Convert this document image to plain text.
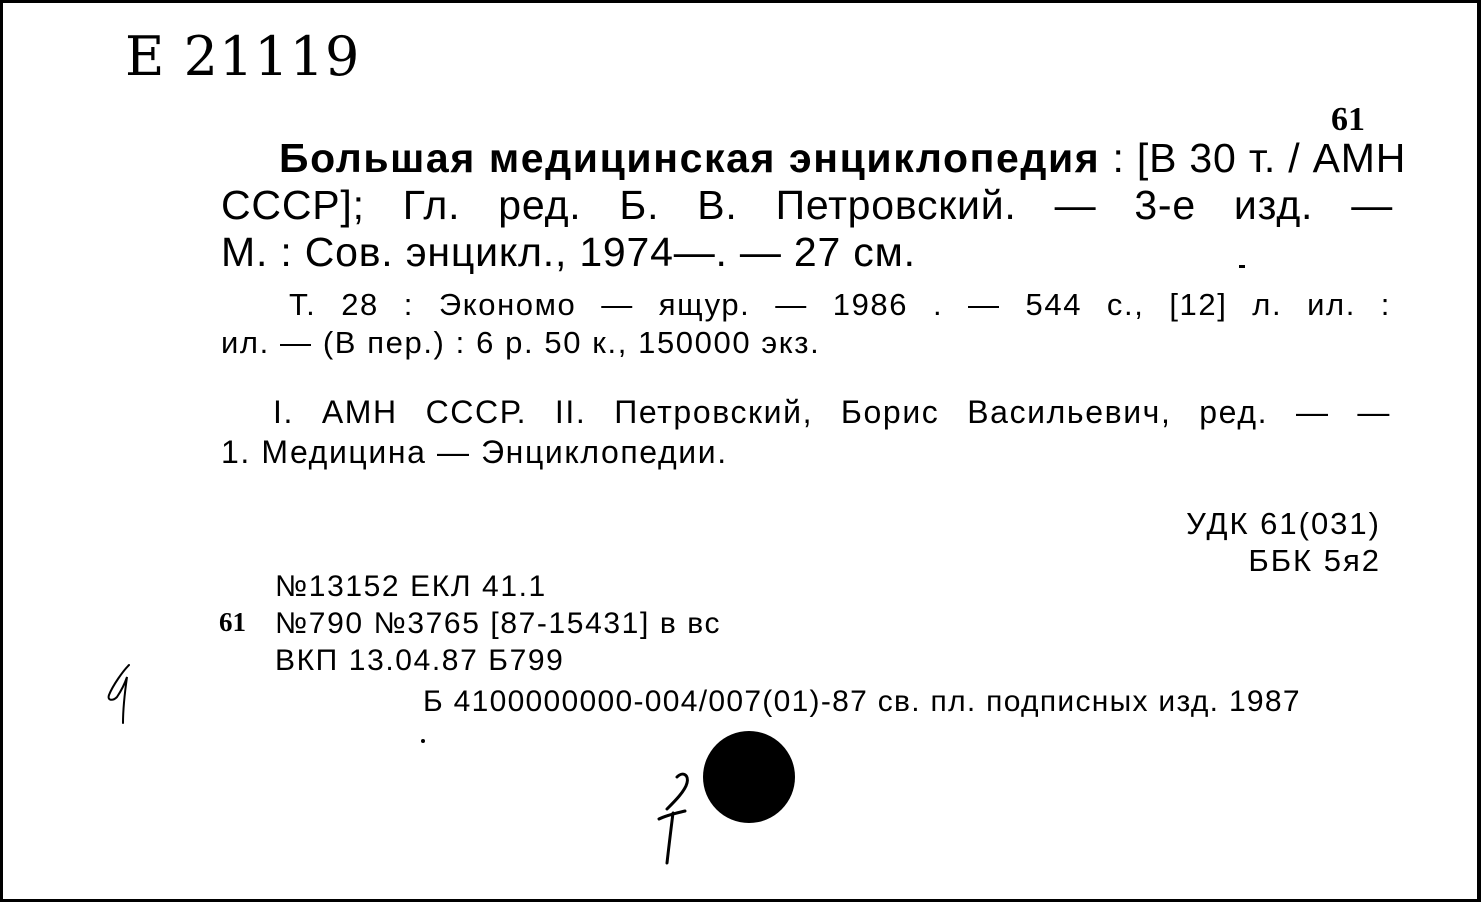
Е 21119
61
Большая медицинская энциклопедия : [В 30 т. / АМН
СССР]; Гл. ред. Б. В. Петровский. — 3-е изд. —
М. : Сов. энцикл., 1974—. — 27 см.
Т. 28 : Экономо — ящур. — 1986 . — 544 с., [12] л. ил. :
ил. — (В пер.) : 6 р. 50 к., 150000 экз.
I. АМН СССР. II. Петровский, Борис Васильевич, ред. — —
1. Медицина — Энциклопедии.
УДК 61(031)
ББК 5я2
61
№13152 ЕКЛ 41.1
№790 №3765 [87-15431] в вс
ВКП 13.04.87 Б799
Б 4100000000-004/007(01)-87 св. пл. подписных изд. 1987
